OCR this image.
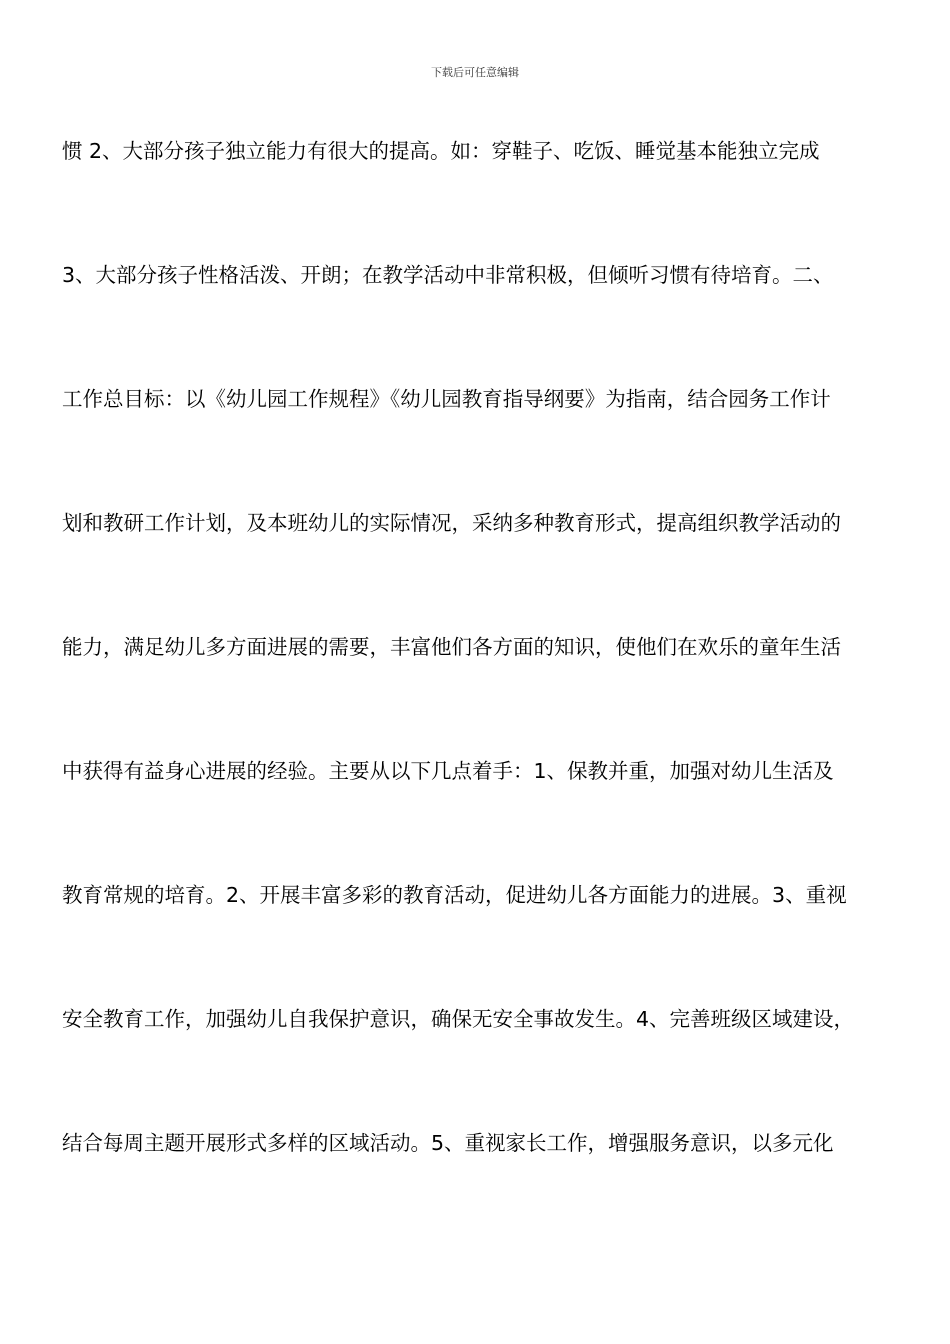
下载后可任意编辑
惯 2、大部分孩子独立能力有很大的提高。如：穿鞋子、吃饭、睡觉基本能独立完成
3、大部分孩子性格活泼、开朗；在教学活动中非常积极，但倾听习惯有待培育。二、
工作总目标：以《幼儿园工作规程》《幼儿园教育指导纲要》为指南，结合园务工作计
划和教研工作计划，及本班幼儿的实际情况，采纳多种教育形式，提高组织教学活动的
能力，满足幼儿多方面进展的需要，丰富他们各方面的知识，使他们在欢乐的童年生活
中获得有益身心进展的经验。主要从以下几点着手：1、保教并重，加强对幼儿生活及
教育常规的培育。2、开展丰富多彩的教育活动，促进幼儿各方面能力的进展。3、重视
安全教育工作，加强幼儿自我保护意识，确保无安全事故发生。4、完善班级区域建设，
结合每周主题开展形式多样的区域活动。5、重视家长工作，增强服务意识，以多元化
